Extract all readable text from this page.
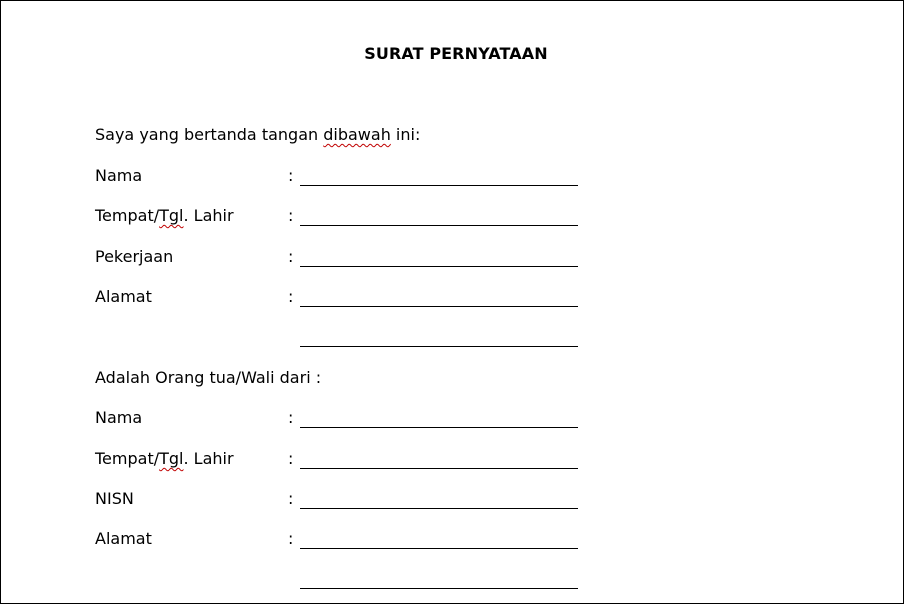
SURAT PERNYATAAN
Saya yang bertanda tangan dibawah ini:
Nama	:
Tempat/Tgl. Lahir	:
Pekerjaan	:
Alamat	:
Adalah Orang tua/Wali dari :
Nama	:
Tempat/Tgl. Lahir	:
NISN	:
Alamat	:
